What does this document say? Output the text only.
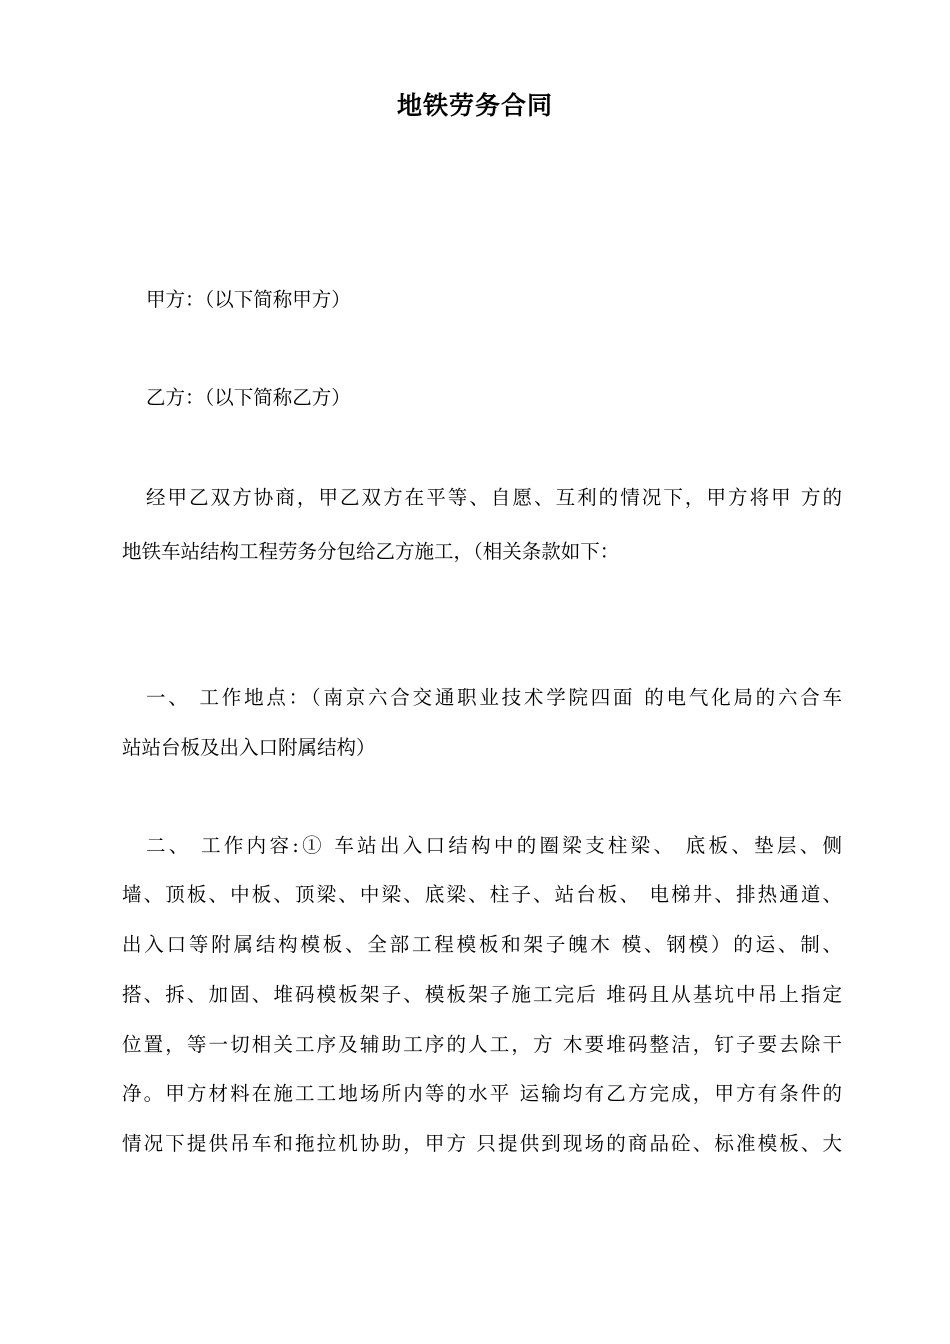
地铁劳务合同
甲方：（以下简称甲方）
乙方：（以下简称乙方）
经甲乙双方协商，甲乙双方在平等、自愿、互利的情况下，甲方将甲 方的
地铁车站结构工程劳务分包给乙方施工，（相关条款如下：
一、 工作地点：（南京六合交通职业技术学院四面 的电气化局的六合车
站站台板及出入口附属结构）
二、 工作内容:① 车站出入口结构中的圈梁支柱梁、 底板、垫层、侧
墙、顶板、中板、顶梁、中梁、底梁、柱子、站台板、 电梯井、排热通道、
出入口等附属结构模板、全部工程模板和架子魄木 模、钢模）的运、制、
搭、拆、加固、堆码模板架子、模板架子施工完后 堆码且从基坑中吊上指定
位置，等一切相关工序及辅助工序的人工，方 木要堆码整洁，钉子要去除干
净。甲方材料在施工工地场所内等的水平 运输均有乙方完成，甲方有条件的
情况下提供吊车和拖拉机协助，甲方 只提供到现场的商品砼、标准模板、大
